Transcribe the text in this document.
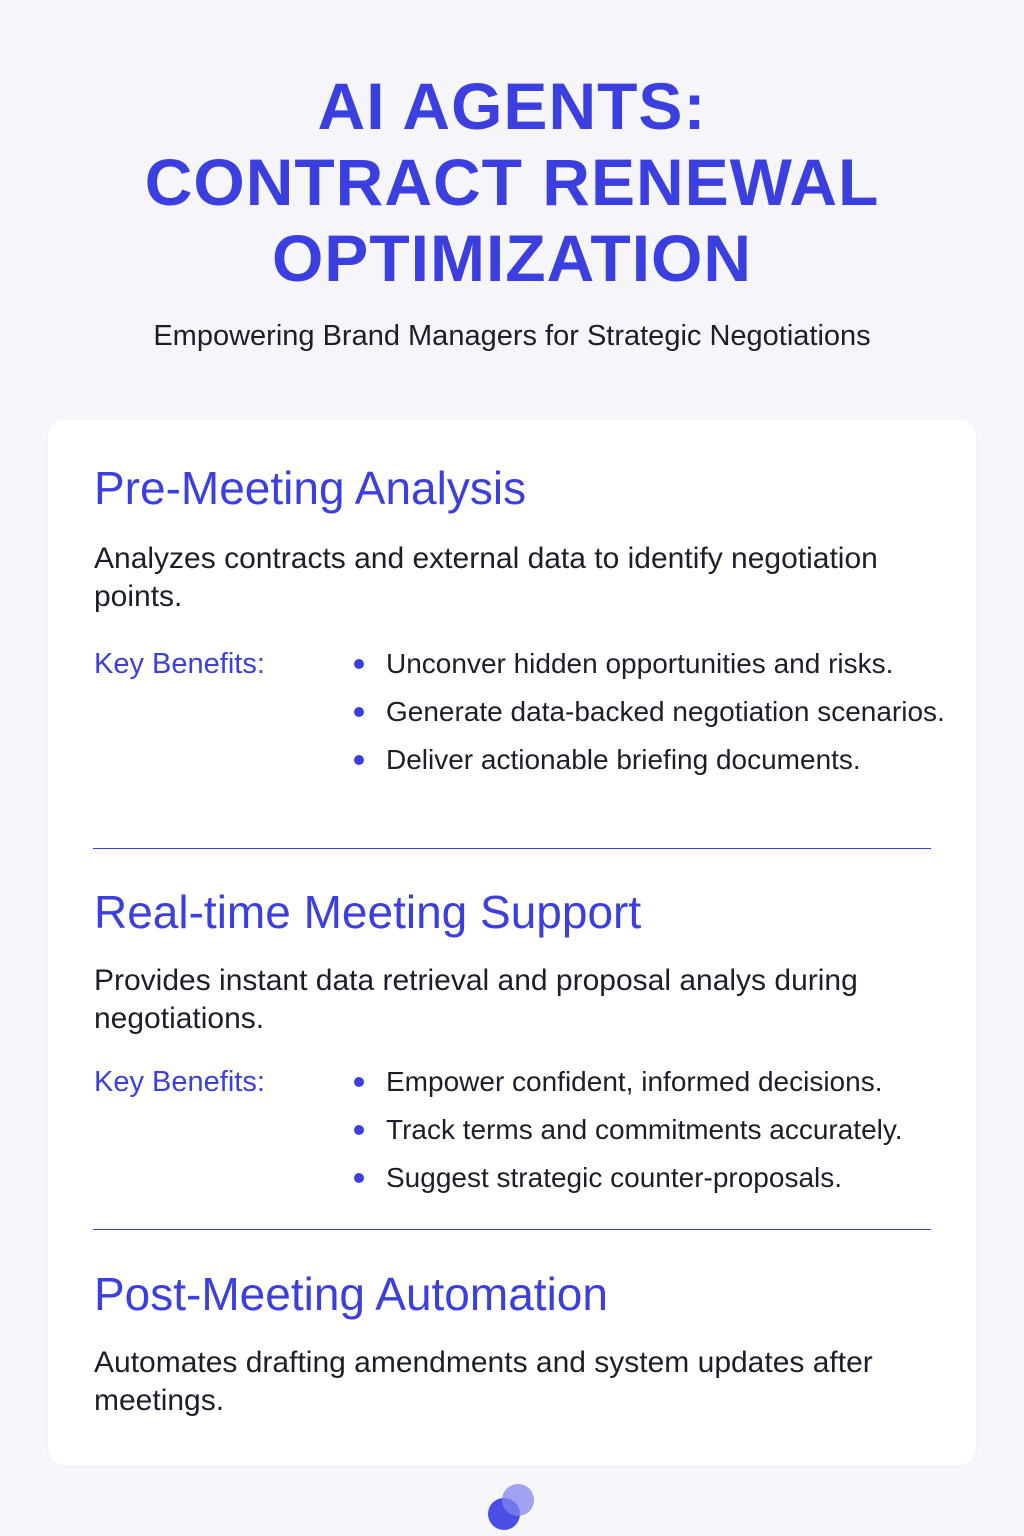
AI AGENTS:
CONTRACT RENEWAL
OPTIMIZATION

Empowering Brand Managers for Strategic Negotiations

Pre-Meeting Analysis

Analyzes contracts and external data to identify negotiation points.

Key Benefits:	Unconver hidden opportunities and risks.
Generate data-backed negotiation scenarios.
Deliver actionable briefing documents.
Real-time Meeting Support

Provides instant data retrieval and proposal analys during negotiations.

Key Benefits:	Empower confident, informed decisions.
Track terms and commitments accurately.
Suggest strategic counter-proposals.
Post-Meeting Automation

Automates drafting amendments and system updates after meetings.
